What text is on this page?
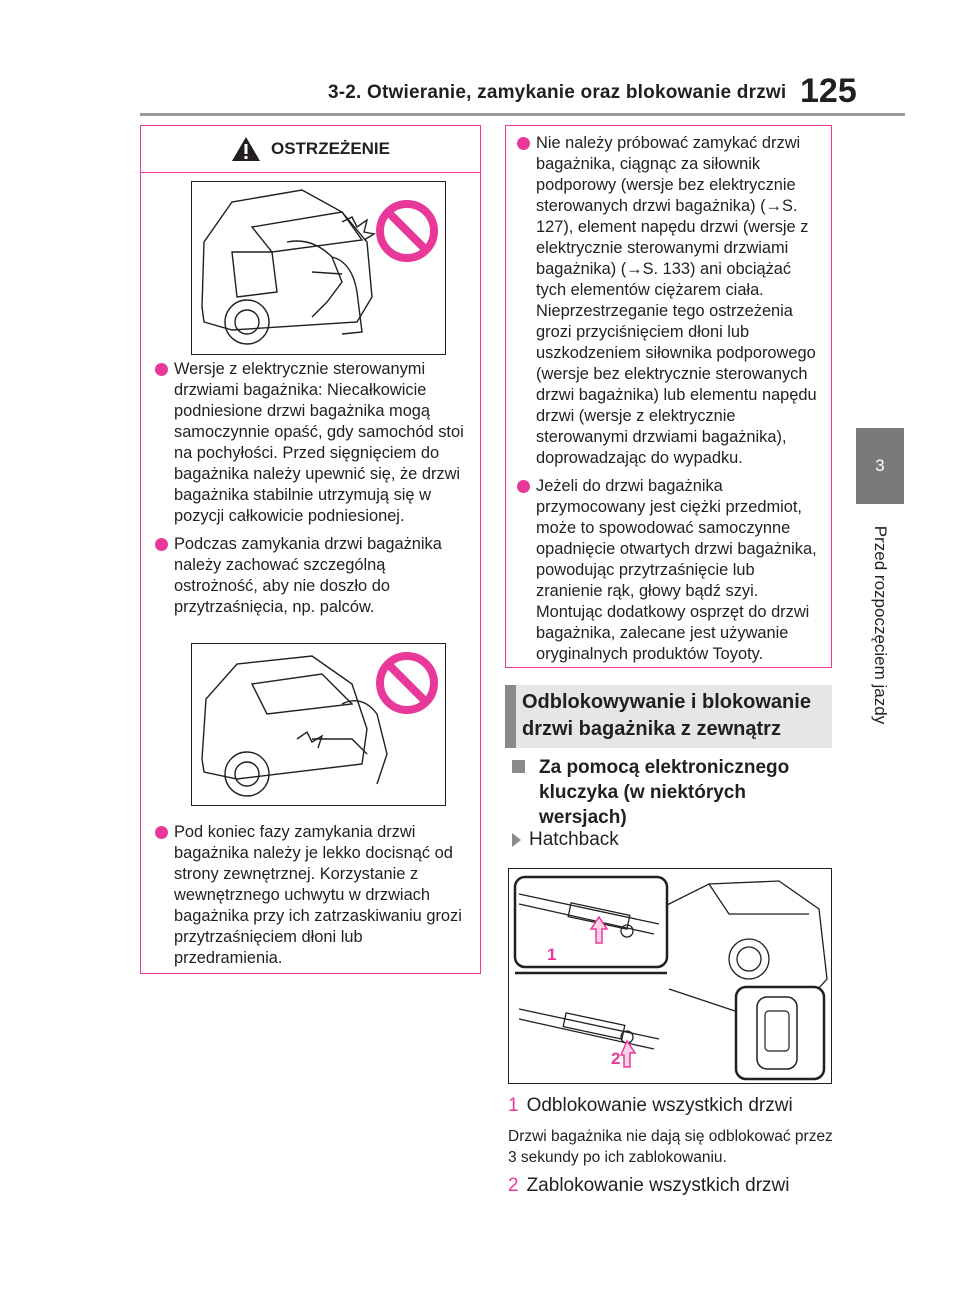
3-2. Otwieranie, zamykanie oraz blokowanie drzwi 125
3
Przed rozpoczęciem jazdy
OSTRZEŻENIE

Wersje z elektrycznie sterowanymi drzwiami bagażnika: Niecałkowicie podniesione drzwi bagażnika mogą samoczynnie opaść, gdy samochód stoi na pochyłości. Przed sięgnięciem do bagażnika należy upewnić się, że drzwi bagażnika stabilnie utrzymują się w pozycji całkowicie podniesionej.

Podczas zamykania drzwi bagażnika należy zachować szczególną ostrożność, aby nie doszło do przytrzaśnięcia, np. palców.

Pod koniec fazy zamykania drzwi bagażnika należy je lekko docisnąć od strony zewnętrznej. Korzystanie z wewnętrznego uchwytu w drzwiach bagażnika przy ich zatrzaskiwaniu grozi przytrzaśnięciem dłoni lub przedramienia.

Nie należy próbować zamykać drzwi bagażnika, ciągnąc za siłownik podporowy (wersje bez elektrycznie sterowanych drzwi bagażnika) (→S. 127), element napędu drzwi (wersje z elektrycznie sterowanymi drzwiami bagażnika) (→S. 133) ani obciążać tych elementów ciężarem ciała. Nieprzestrzeganie tego ostrzeżenia grozi przyciśnięciem dłoni lub uszkodzeniem siłownika podporowego (wersje bez elektrycznie sterowanych drzwi bagażnika) lub elementu napędu drzwi (wersje z elektrycznie sterowanymi drzwiami bagażnika), doprowadzając do wypadku.

Jeżeli do drzwi bagażnika przymocowany jest ciężki przedmiot, może to spowodować samoczynne opadnięcie otwartych drzwi bagażnika, powodując przytrzaśnięcie lub zranienie rąk, głowy bądź szyi. Montując dodatkowy osprzęt do drzwi bagażnika, zalecane jest używanie oryginalnych produktów Toyoty.

Odblokowywanie i blokowanie drzwi bagażnika z zewnątrz
Za pomocą elektronicznego kluczyka (w niektórych wersjach)
Hatchback
1
2
1 Odblokowanie wszystkich drzwi
Drzwi bagażnika nie dają się odblokować przez 3 sekundy po ich zablokowaniu.
2 Zablokowanie wszystkich drzwi
